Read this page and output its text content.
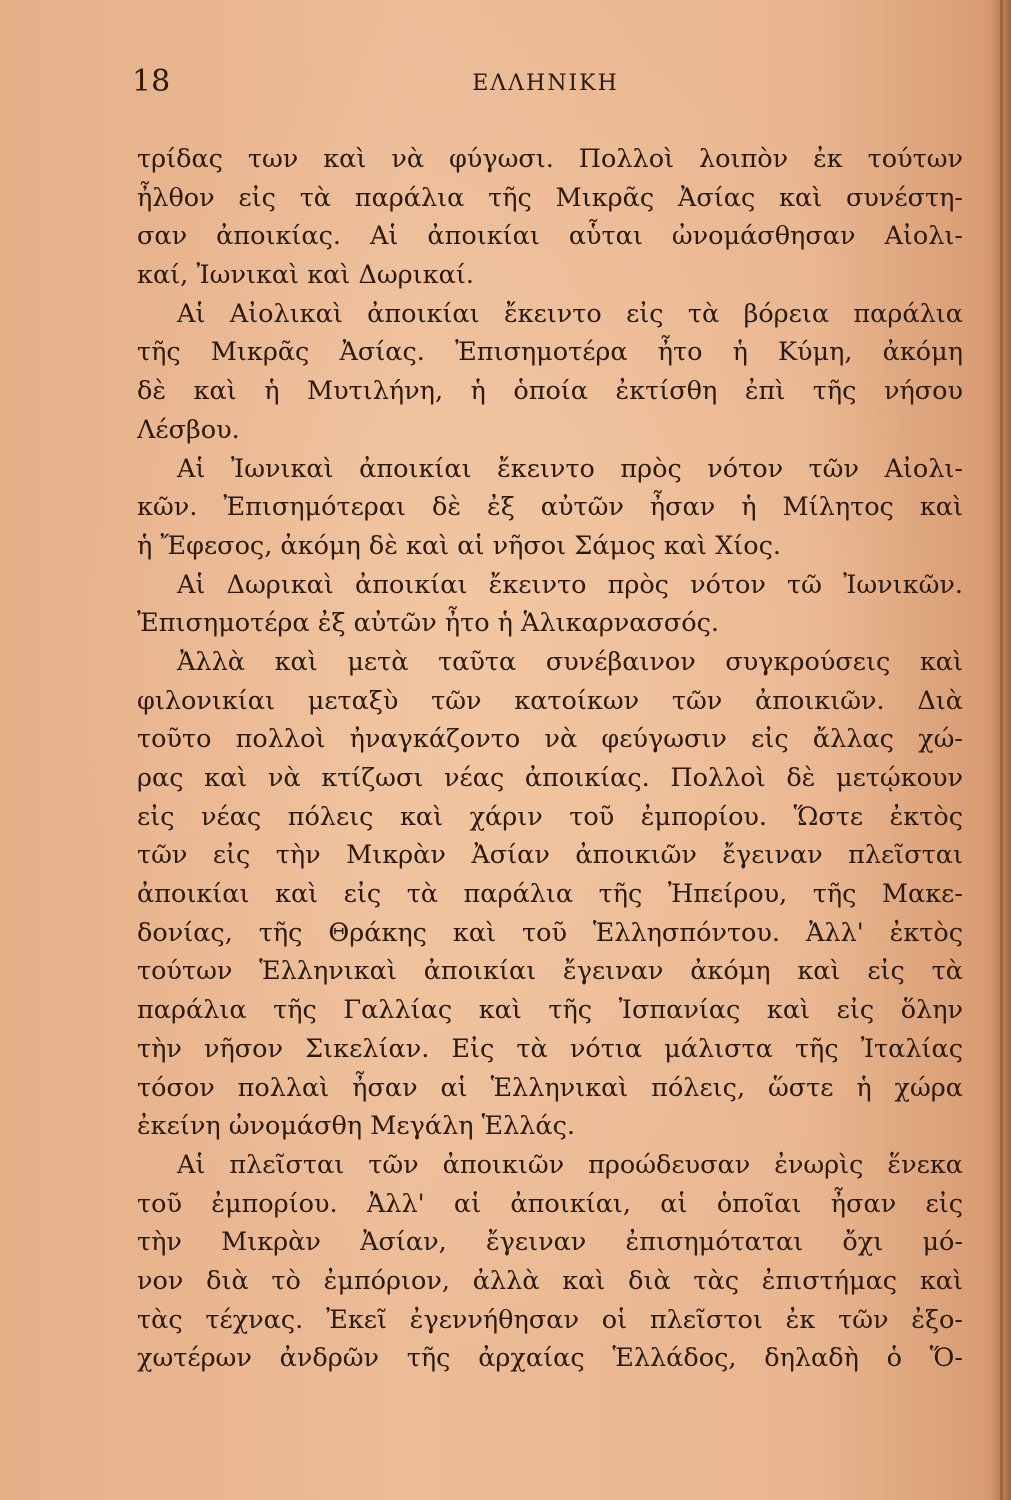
18	ΕΛΛΗΝΙΚΗ
τρίδας των καὶ νὰ φύγωσι. Πολλοὶ λοιπὸν ἐκ τούτων
ἦλθον εἰς τὰ παράλια τῆς Μικρᾶς Ἀσίας καὶ συνέστη-
σαν ἀποικίας. Αἱ ἀποικίαι αὗται ὠνομάσθησαν Αἰολι-
καί, Ἰωνικαὶ καὶ Δωρικαί.
Αἱ Αἰολικαὶ ἀποικίαι ἔκειντο εἰς τὰ βόρεια παράλια
τῆς Μικρᾶς Ἀσίας. Ἐπισημοτέρα ἦτο ἡ Κύμη, ἀκόμη
δὲ καὶ ἡ Μυτιλήνη, ἡ ὁποία ἐκτίσθη ἐπὶ τῆς νήσου
Λέσβου.
Αἱ Ἰωνικαὶ ἀποικίαι ἔκειντο πρὸς νότον τῶν Αἰολι-
κῶν. Ἐπισημότεραι δὲ ἐξ αὐτῶν ἦσαν ἡ Μίλητος καὶ
ἡ Ἔφεσος, ἀκόμη δὲ καὶ αἱ νῆσοι Σάμος καὶ Χίος.
Αἱ Δωρικαὶ ἀποικίαι ἔκειντο πρὸς νότον τῶ Ἰωνικῶν.
Ἐπισημοτέρα ἐξ αὐτῶν ἦτο ἡ Ἁλικαρνασσός.
Ἀλλὰ καὶ μετὰ ταῦτα συνέβαινον συγκρούσεις καὶ
φιλονικίαι μεταξὺ τῶν κατοίκων τῶν ἀποικιῶν. Διὰ
τοῦτο πολλοὶ ἠναγκάζοντο νὰ φεύγωσιν εἰς ἄλλας χώ-
ρας καὶ νὰ κτίζωσι νέας ἀποικίας. Πολλοὶ δὲ μετῴκουν
εἰς νέας πόλεις καὶ χάριν τοῦ ἐμπορίου. Ὥστε ἐκτὸς
τῶν εἰς τὴν Μικρὰν Ἀσίαν ἀποικιῶν ἔγειναν πλεῖσται
ἀποικίαι καὶ εἰς τὰ παράλια τῆς Ἠπείρου, τῆς Μακε-
δονίας, τῆς Θράκης καὶ τοῦ Ἑλλησπόντου. Ἀλλ' ἐκτὸς
τούτων Ἑλληνικαὶ ἀποικίαι ἔγειναν ἀκόμη καὶ εἰς τὰ
παράλια τῆς Γαλλίας καὶ τῆς Ἰσπανίας καὶ εἰς ὅλην
τὴν νῆσον Σικελίαν. Εἰς τὰ νότια μάλιστα τῆς Ἰταλίας
τόσον πολλαὶ ἦσαν αἱ Ἑλληνικαὶ πόλεις, ὥστε ἡ χώρα
ἐκείνη ὠνομάσθη Μεγάλη Ἑλλάς.
Αἱ πλεῖσται τῶν ἀποικιῶν προώδευσαν ἐνωρὶς ἕνεκα
τοῦ ἐμπορίου. Ἀλλ' αἱ ἀποικίαι, αἱ ὁποῖαι ἦσαν εἰς
τὴν Μικρὰν Ἀσίαν, ἔγειναν ἐπισημόταται ὄχι μό-
νον διὰ τὸ ἐμπόριον, ἀλλὰ καὶ διὰ τὰς ἐπιστήμας καὶ
τὰς τέχνας. Ἐκεῖ ἐγεννήθησαν οἱ πλεῖστοι ἐκ τῶν ἐξο-
χωτέρων ἀνδρῶν τῆς ἀρχαίας Ἑλλάδος, δηλαδὴ ὁ Ὅ-
